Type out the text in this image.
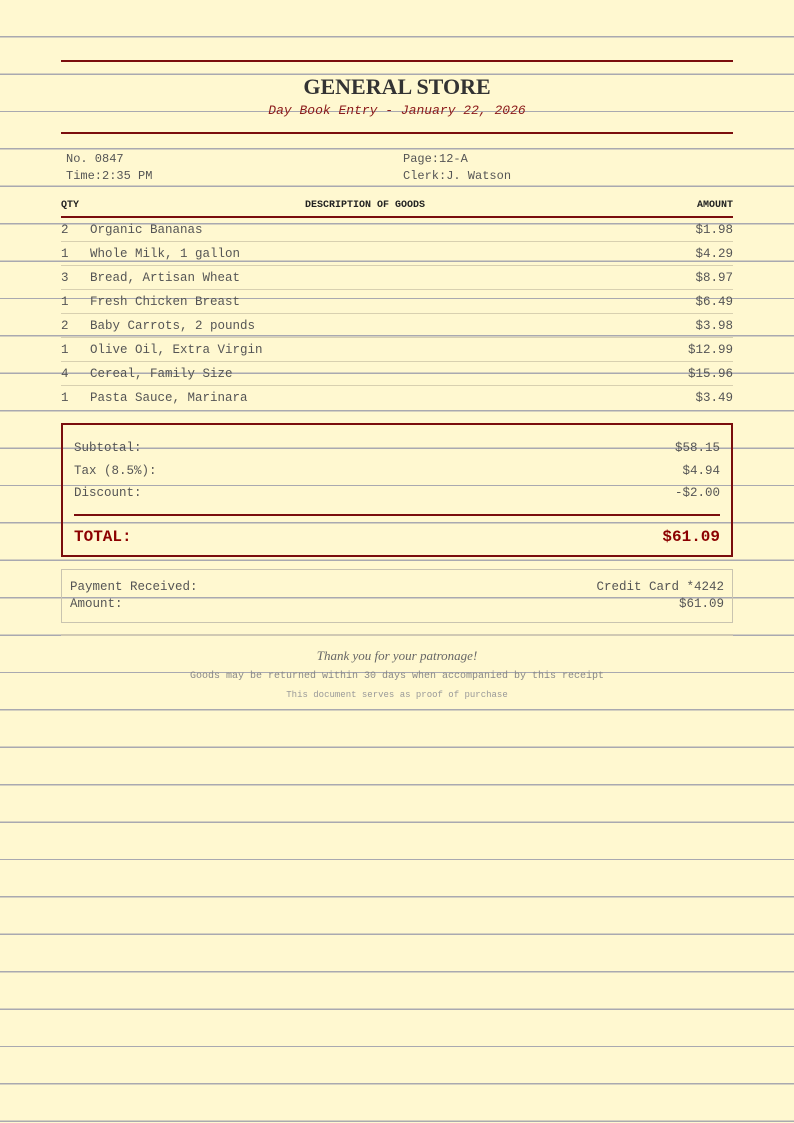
GENERAL STORE
Day Book Entry - January 22, 2026
No. 0847	Page:12-A
Time:2:35 PM	Clerk:J. Watson
QTY	DESCRIPTION OF GOODS	AMOUNT
2	Organic Bananas	$1.98
1	Whole Milk, 1 gallon	$4.29
3	Bread, Artisan Wheat	$8.97
1	Fresh Chicken Breast	$6.49
2	Baby Carrots, 2 pounds	$3.98
1	Olive Oil, Extra Virgin	$12.99
4	Cereal, Family Size	$15.96
1	Pasta Sauce, Marinara	$3.49
Subtotal:	$58.15
Tax (8.5%):	$4.94
Discount:	-$2.00
TOTAL:	$61.09
Payment Received:	Credit Card *4242
Amount:	$61.09
Thank you for your patronage!
Goods may be returned within 30 days when accompanied by this receipt
This document serves as proof of purchase
